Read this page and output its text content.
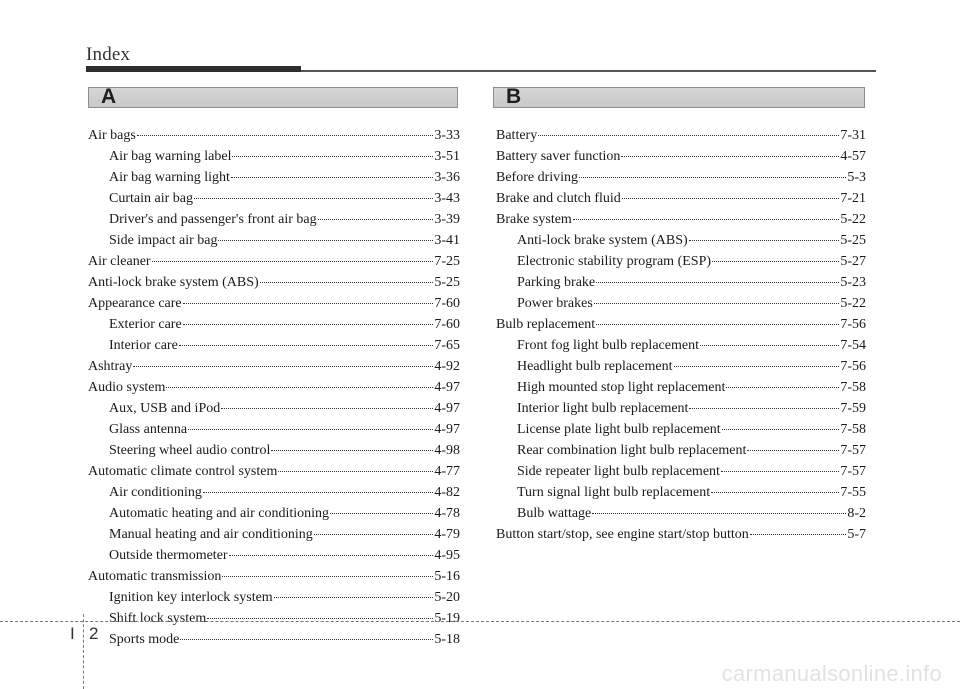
Index
A	B
Air bags	3-33
Air bag warning label	3-51
Air bag warning light	3-36
Curtain air bag	3-43
Driver's and passenger's front air bag	3-39
Side impact air bag	3-41
Air cleaner	7-25
Anti-lock brake system (ABS)	5-25
Appearance care	7-60
Exterior care	7-60
Interior care	7-65
Ashtray	4-92
Audio system	4-97
Aux, USB and iPod	4-97
Glass antenna	4-97
Steering wheel audio control	4-98
Automatic climate control system	4-77
Air conditioning	4-82
Automatic heating and air conditioning	4-78
Manual heating and air conditioning	4-79
Outside thermometer	4-95
Automatic transmission	5-16
Ignition key interlock system	5-20
Shift lock system	5-19
Sports mode	5-18
Battery	7-31
Battery saver function	4-57
Before driving	5-3
Brake and clutch fluid	7-21
Brake system	5-22
Anti-lock brake system (ABS)	5-25
Electronic stability program (ESP)	5-27
Parking brake	5-23
Power brakes	5-22
Bulb replacement	7-56
Front fog light bulb replacement	7-54
Headlight bulb replacement	7-56
High mounted stop light replacement	7-58
Interior light bulb replacement	7-59
License plate light bulb replacement	7-58
Rear combination light bulb replacement	7-57
Side repeater light bulb replacement	7-57
Turn signal light bulb replacement	7-55
Bulb wattage	8-2
Button start/stop, see engine start/stop button	5-7
I 2
carmanualsonline.info
